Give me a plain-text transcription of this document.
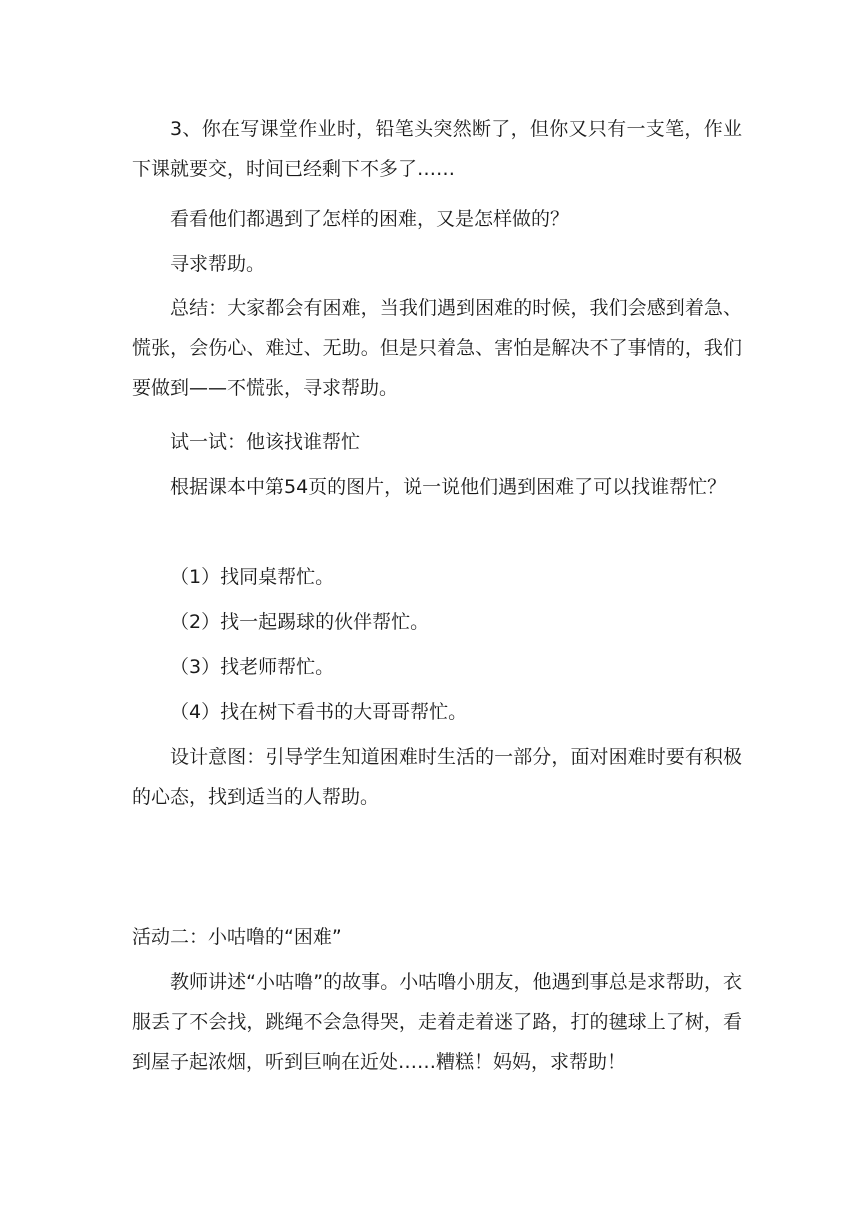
3、你在写课堂作业时，铅笔头突然断了，但你又只有一支笔，作业下课就要交，时间已经剩下不多了……

看看他们都遇到了怎样的困难，又是怎样做的？

寻求帮助。

总结：大家都会有困难，当我们遇到困难的时候，我们会感到着急、慌张，会伤心、难过、无助。但是只着急、害怕是解决不了事情的，我们要做到——不慌张，寻求帮助。

试一试：他该找谁帮忙

根据课本中第54页的图片，说一说他们遇到困难了可以找谁帮忙？

（1）找同桌帮忙。

（2）找一起踢球的伙伴帮忙。

（3）找老师帮忙。

（4）找在树下看书的大哥哥帮忙。

设计意图：引导学生知道困难时生活的一部分，面对困难时要有积极的心态，找到适当的人帮助。

活动二：小咕噜的“困难”

教师讲述“小咕噜”的故事。小咕噜小朋友，他遇到事总是求帮助，衣服丢了不会找，跳绳不会急得哭，走着走着迷了路，打的毽球上了树，看到屋子起浓烟，听到巨响在近处……糟糕！妈妈，求帮助！
